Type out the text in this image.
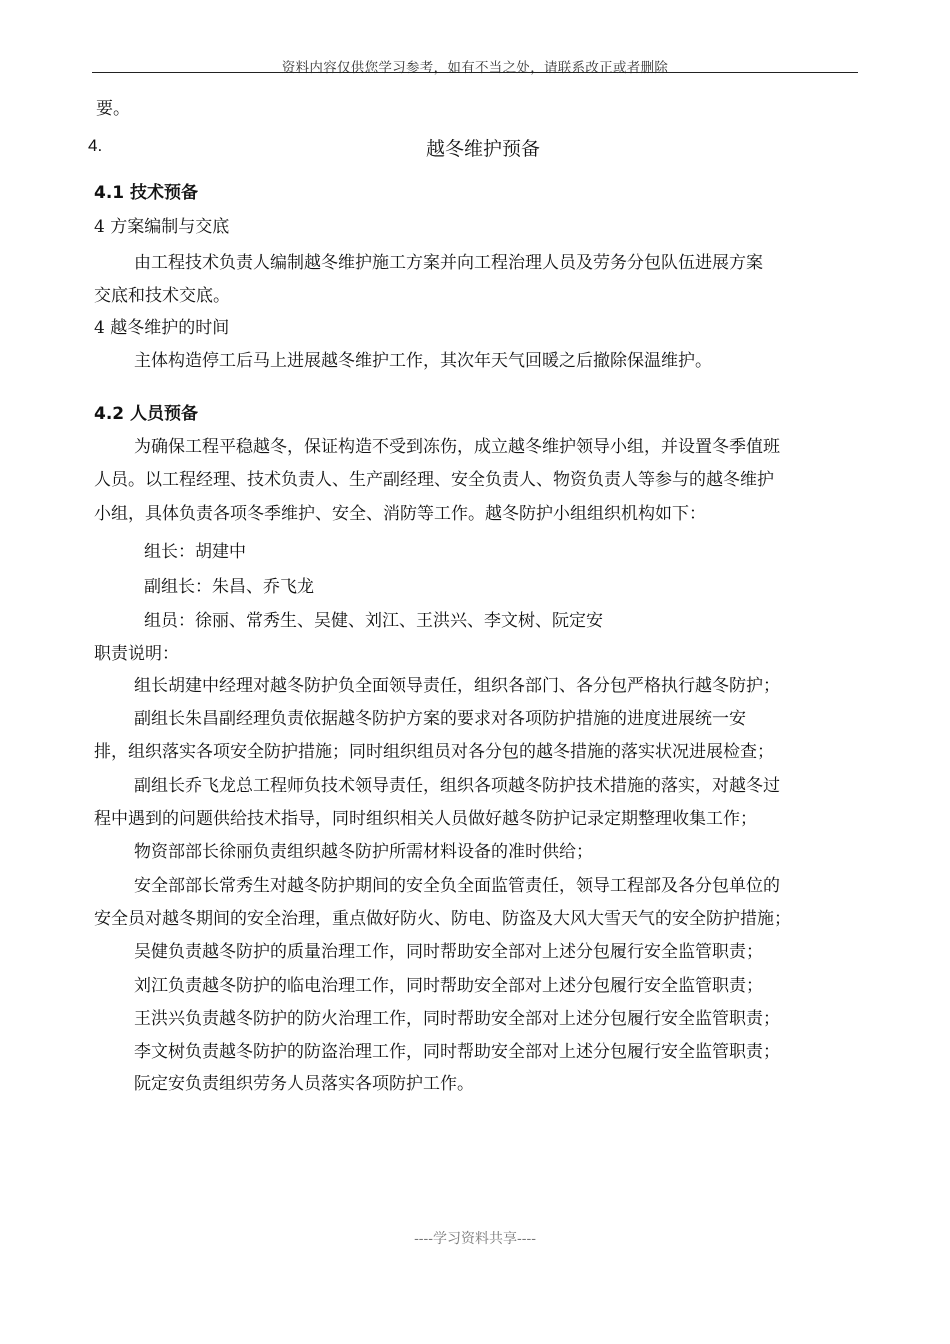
资料内容仅供您学习参考，如有不当之处，请联系改正或者删除
要。
4.	越冬维护预备
4.1 技术预备
4 方案编制与交底
由工程技术负责人编制越冬维护施工方案并向工程治理人员及劳务分包队伍进展方案
交底和技术交底。
4 越冬维护的时间
主体构造停工后马上进展越冬维护工作，其次年天气回暖之后撤除保温维护。
4.2 人员预备
为确保工程平稳越冬，保证构造不受到冻伤，成立越冬维护领导小组，并设置冬季值班
人员。以工程经理、技术负责人、生产副经理、安全负责人、物资负责人等参与的越冬维护
小组，具体负责各项冬季维护、安全、消防等工作。越冬防护小组组织机构如下：
组长：胡建中
副组长：朱昌、乔飞龙
组员：徐丽、常秀生、吴健、刘江、王洪兴、李文树、阮定安
职责说明：
组长胡建中经理对越冬防护负全面领导责任，组织各部门、各分包严格执行越冬防护；
副组长朱昌副经理负责依据越冬防护方案的要求对各项防护措施的进度进展统一安
排，组织落实各项安全防护措施；同时组织组员对各分包的越冬措施的落实状况进展检查；
副组长乔飞龙总工程师负技术领导责任，组织各项越冬防护技术措施的落实，对越冬过
程中遇到的问题供给技术指导，同时组织相关人员做好越冬防护记录定期整理收集工作；
物资部部长徐丽负责组织越冬防护所需材料设备的准时供给；
安全部部长常秀生对越冬防护期间的安全负全面监管责任，领导工程部及各分包单位的
安全员对越冬期间的安全治理，重点做好防火、防电、防盗及大风大雪天气的安全防护措施；
吴健负责越冬防护的质量治理工作，同时帮助安全部对上述分包履行安全监管职责；
刘江负责越冬防护的临电治理工作，同时帮助安全部对上述分包履行安全监管职责；
王洪兴负责越冬防护的防火治理工作，同时帮助安全部对上述分包履行安全监管职责；
李文树负责越冬防护的防盗治理工作，同时帮助安全部对上述分包履行安全监管职责；
阮定安负责组织劳务人员落实各项防护工作。
----学习资料共享----
